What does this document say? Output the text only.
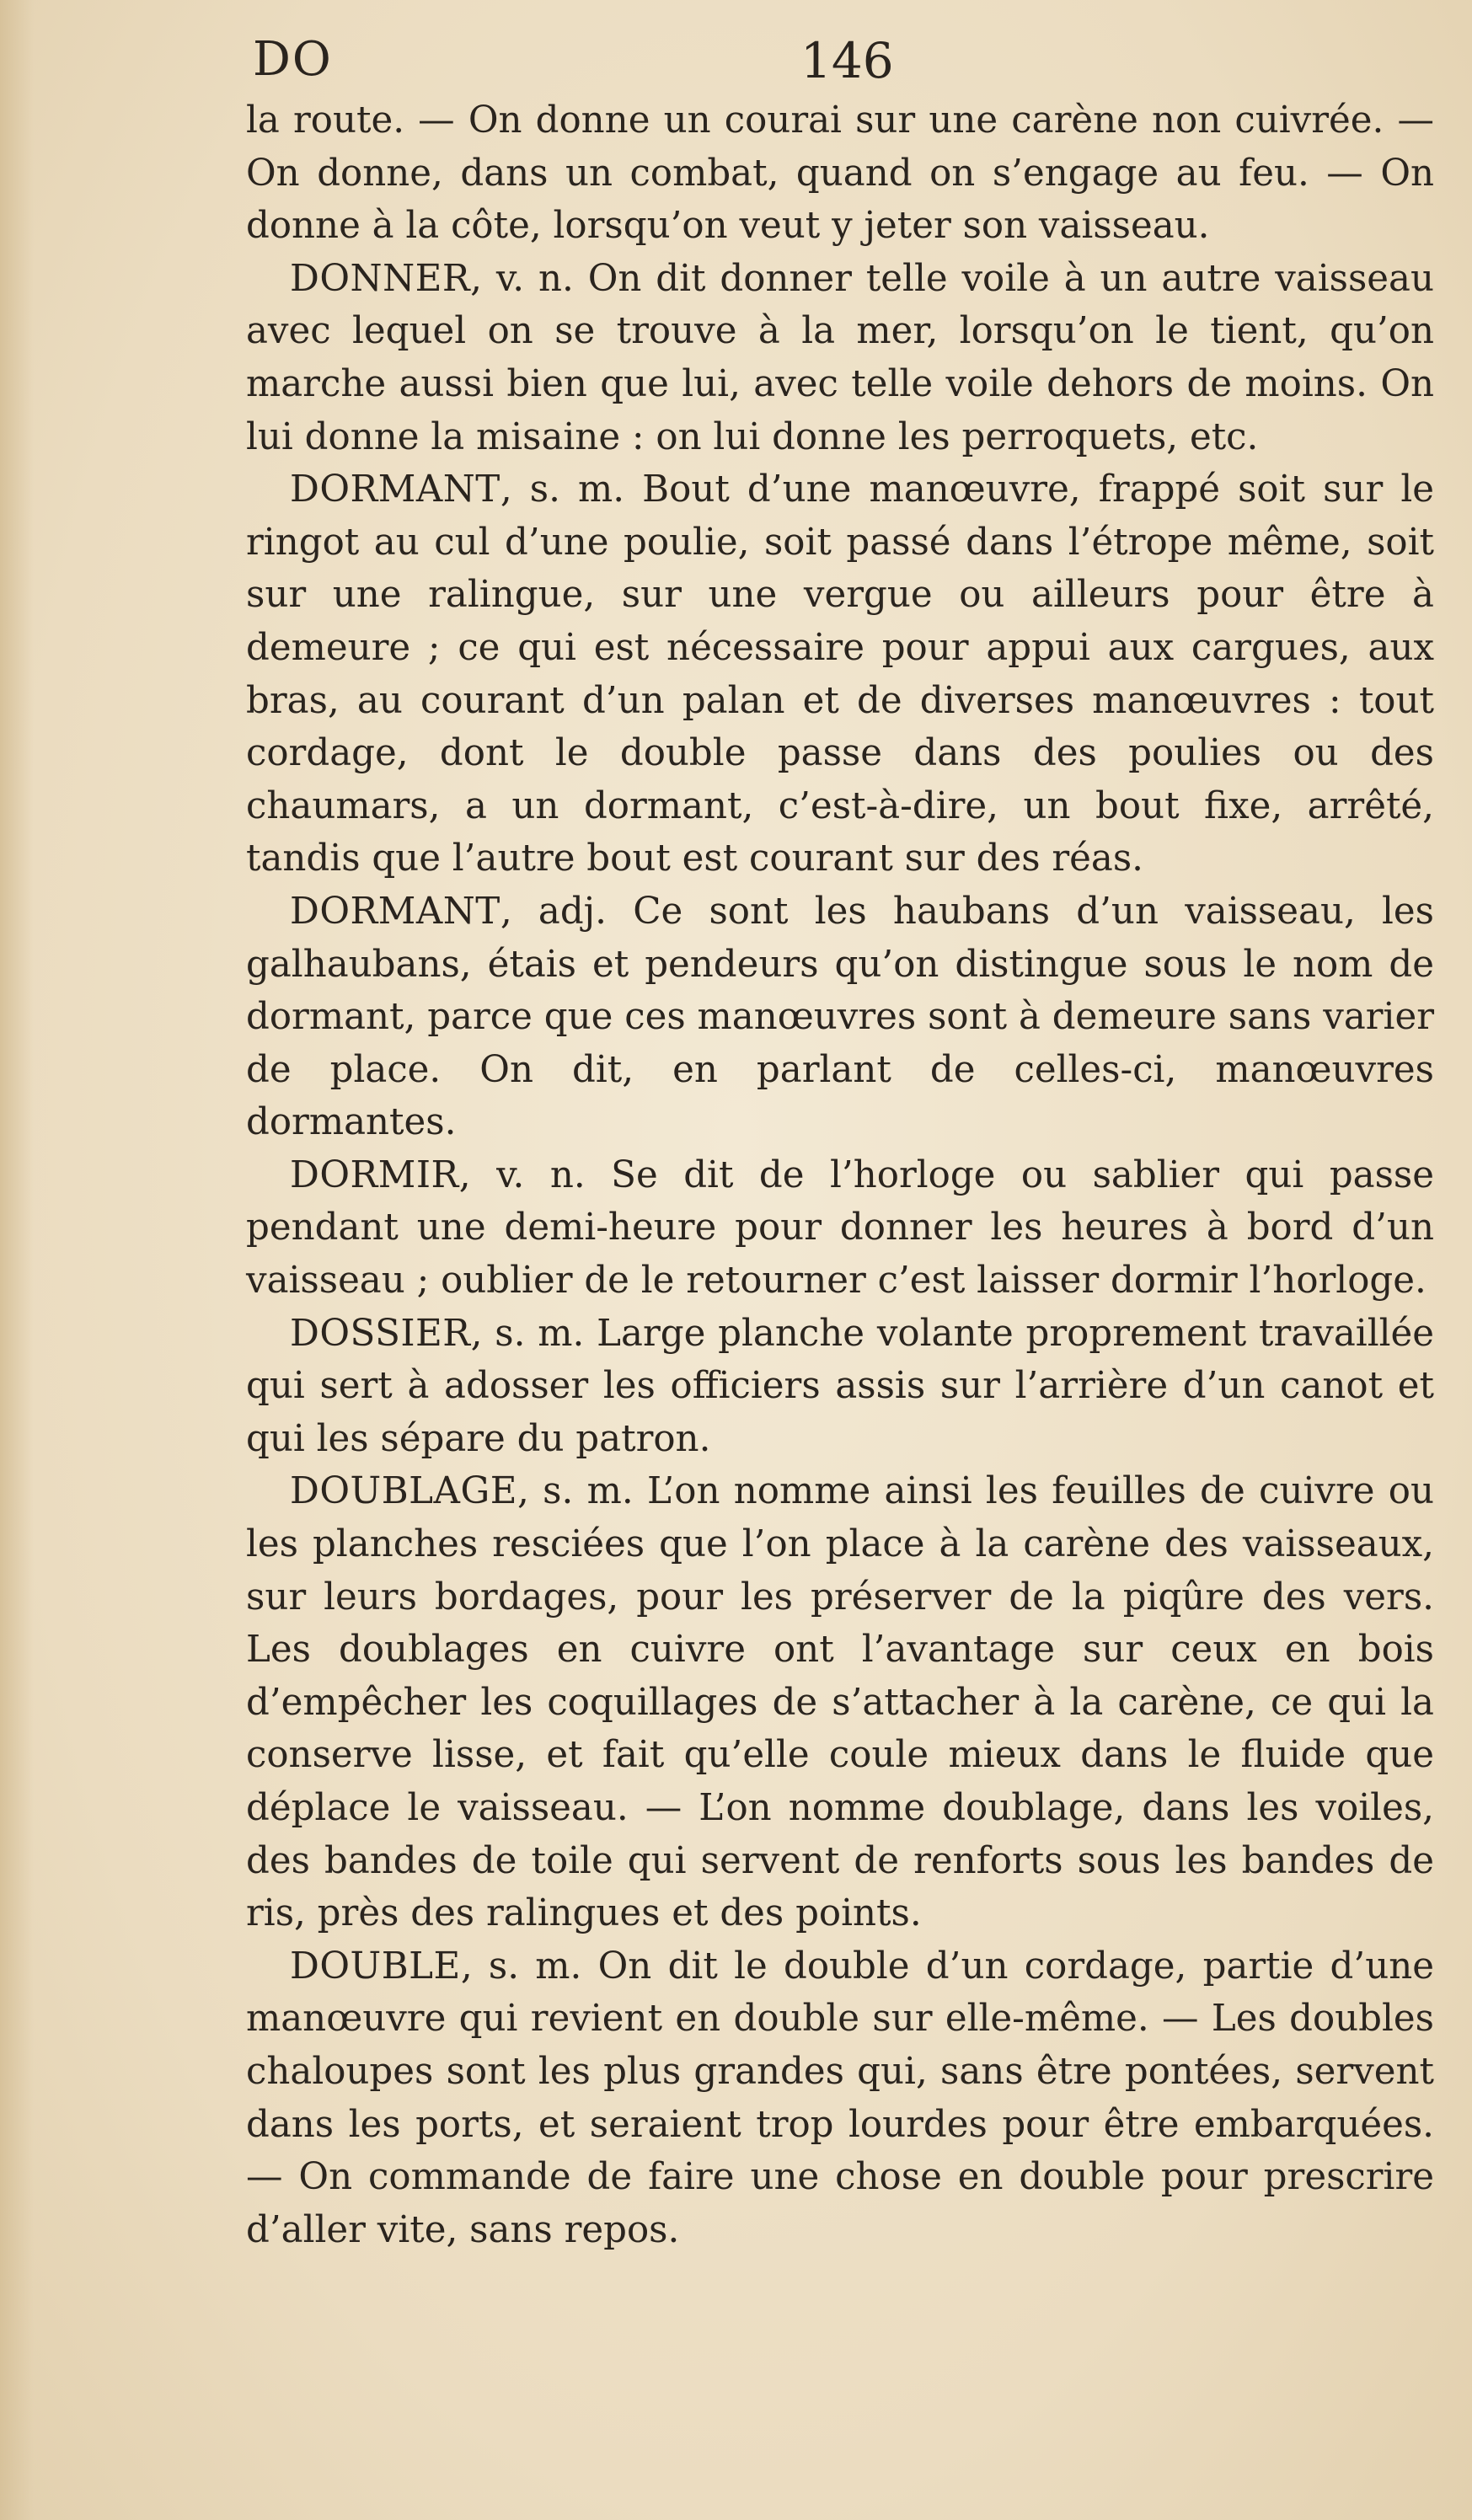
DO	146

la route. — On donne un courai sur une carène non cuivrée. — On donne, dans un combat, quand on s’engage au feu. — On donne à la côte, lorsqu’on veut y jeter son vaisseau.

DONNER, v. n. On dit donner telle voile à un autre vaisseau avec lequel on se trouve à la mer, lorsqu’on le tient, qu’on marche aussi bien que lui, avec telle voile dehors de moins. On lui donne la misaine : on lui donne les perroquets, etc.

DORMANT, s. m. Bout d’une manœuvre, frappé soit sur le ringot au cul d’une poulie, soit passé dans l’étrope même, soit sur une ralingue, sur une vergue ou ailleurs pour être à demeure ; ce qui est nécessaire pour appui aux cargues, aux bras, au courant d’un palan et de diverses manœuvres : tout cordage, dont le double passe dans des poulies ou des chaumars, a un dormant, c’est-à-dire, un bout fixe, arrêté, tandis que l’autre bout est courant sur des réas.

DORMANT, adj. Ce sont les haubans d’un vaisseau, les galhaubans, étais et pendeurs qu’on distingue sous le nom de dormant, parce que ces manœuvres sont à demeure sans varier de place. On dit, en parlant de celles-ci, manœuvres dormantes.

DORMIR, v. n. Se dit de l’horloge ou sablier qui passe pendant une demi-heure pour donner les heures à bord d’un vaisseau ; oublier de le retourner c’est laisser dormir l’horloge.

DOSSIER, s. m. Large planche volante proprement travaillée qui sert à adosser les officiers assis sur l’arrière d’un canot et qui les sépare du patron.

DOUBLAGE, s. m. L’on nomme ainsi les feuilles de cuivre ou les planches resciées que l’on place à la carène des vaisseaux, sur leurs bordages, pour les préserver de la piqûre des vers. Les doublages en cuivre ont l’avantage sur ceux en bois d’empêcher les coquillages de s’attacher à la carène, ce qui la conserve lisse, et fait qu’elle coule mieux dans le fluide que déplace le vaisseau. — L’on nomme doublage, dans les voiles, des bandes de toile qui servent de renforts sous les bandes de ris, près des ralingues et des points.

DOUBLE, s. m. On dit le double d’un cordage, partie d’une manœuvre qui revient en double sur elle-même. — Les doubles chaloupes sont les plus grandes qui, sans être pontées, servent dans les ports, et seraient trop lourdes pour être embarquées. — On commande de faire une chose en double pour prescrire d’aller vite, sans repos.
